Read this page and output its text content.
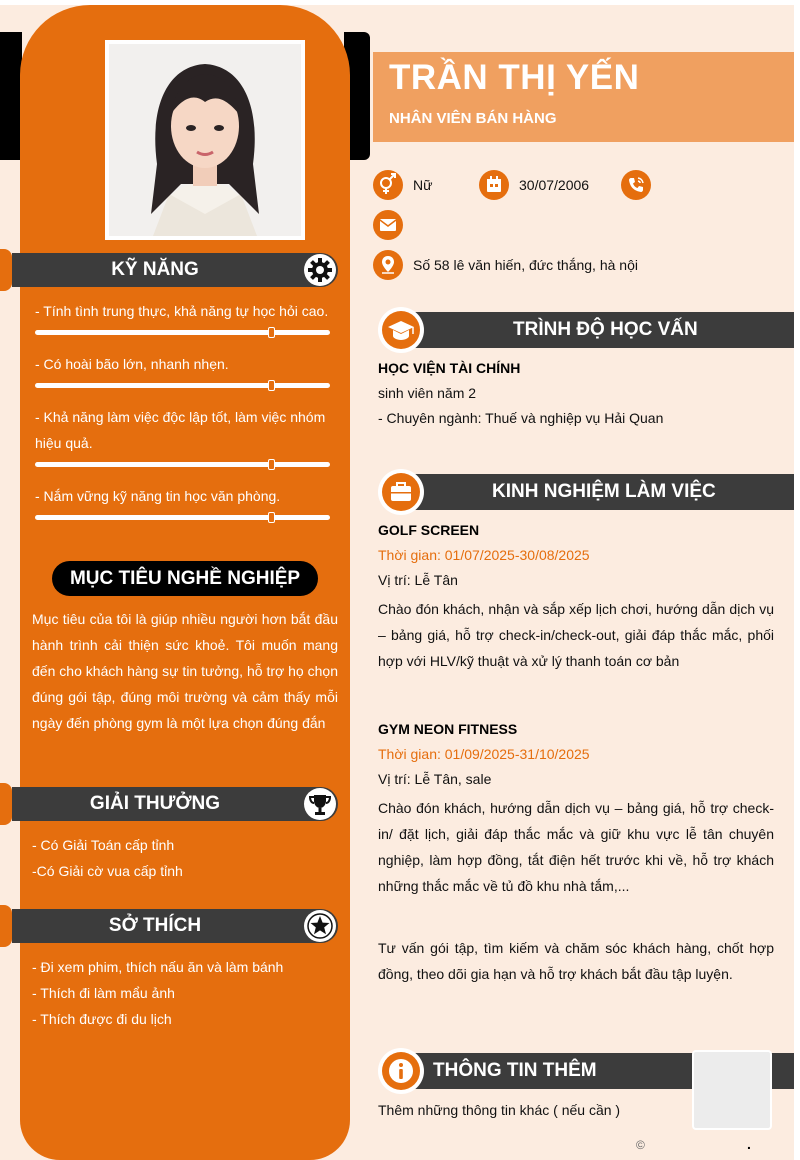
KỸ NĂNG
- Tính tình trung thực, khả năng tự học hỏi cao.
- Có hoài bão lớn, nhanh nhẹn.
- Khả năng làm việc độc lập tốt, làm việc nhóm hiệu quả.
- Nắm vững kỹ năng tin học văn phòng.
MỤC TIÊU NGHỀ NGHIỆP
Mục tiêu của tôi là giúp nhiều người hơn bắt đầu hành trình cải thiện sức khoẻ. Tôi muốn mang đến cho khách hàng sự tin tưởng, hỗ trợ họ chọn đúng gói tập, đúng môi trường và cảm thấy mỗi ngày đến phòng gym là một lựa chọn đúng đắn
GIẢI THƯỞNG
- Có Giải Toán cấp tỉnh
-Có Giải cờ vua cấp tỉnh
SỞ THÍCH
- Đi xem phim, thích nấu ăn và làm bánh
- Thích đi làm mẩu ảnh
- Thích được đi du lịch
TRẦN THỊ YẾN
NHÂN VIÊN BÁN HÀNG
Nữ	30/07/2006
Số 58 lê văn hiến, đức thắng, hà nội
TRÌNH ĐỘ HỌC VẤN
HỌC VIỆN TÀI CHÍNH
sinh viên năm 2
- Chuyên ngành: Thuế và nghiệp vụ Hải Quan
KINH NGHIỆM LÀM VIỆC
GOLF SCREEN
Thời gian: 01/07/2025-30/08/2025
Vị trí: Lễ Tân
Chào đón khách, nhận và sắp xếp lịch chơi, hướng dẫn dịch vụ – bảng giá, hỗ trợ check-in/check-out, giải đáp thắc mắc, phối hợp với HLV/kỹ thuật và xử lý thanh toán cơ bản
GYM NEON FITNESS
Thời gian: 01/09/2025-31/10/2025
Vị trí: Lễ Tân, sale
Chào đón khách, hướng dẫn dịch vụ – bảng giá, hỗ trợ check-in/ đặt lịch, giải đáp thắc mắc và giữ khu vực lễ tân chuyên nghiệp, làm hợp đồng, tắt điện hết trước khi về, hỗ trợ khách những thắc mắc về tủ đồ khu nhà tắm,...
Tư vấn gói tập, tìm kiếm và chăm sóc khách hàng, chốt hợp đồng, theo dõi gia hạn và hỗ trợ khách bắt đầu tập luyện.
THÔNG TIN THÊM
Thêm những thông tin khác ( nếu cần )
©	.
